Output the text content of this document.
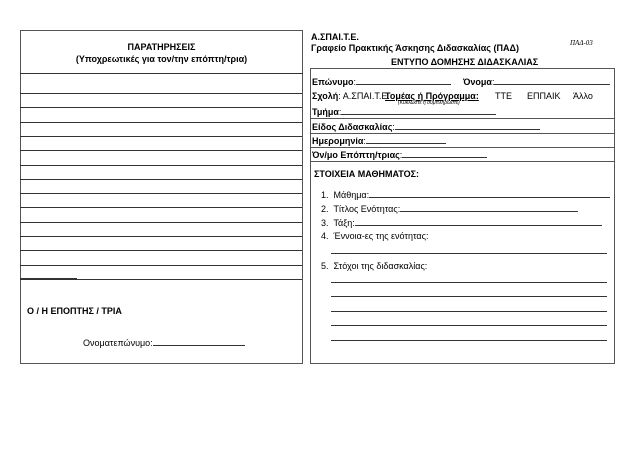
ΠΑΡΑΤΗΡΗΣΕΙΣ
(Υποχρεωτικές για τον/την επόπτη/τρια)
Ο / Η ΕΠΟΠΤΗΣ / ΤΡΙΑ
Ονοματεπώνυμο:
Α.ΣΠΑΙ.Τ.Ε.
Γραφείο Πρακτικής Άσκησης Διδασκαλίας (ΠΑΔ)	ΠΑΔ-03
ΕΝΤΥΠΟ ΔΟΜΗΣΗΣ ΔΙΔΑΣΚΑΛΙΑΣ
Επώνυμο:	Όνομα:
Σχολή: Α.ΣΠΑΙ.Τ.Ε.
Τομέας ή Πρόγραμμα:
(Κυκλώστε ή συμπληρώστε)
ΤΤΕ ΕΠΠΑΙΚ Άλλο
Τμήμα:
Είδος Διδασκαλίας:
Ημερομηνία:
Όν/μο Επόπτη/τριας:
ΣΤΟΙΧΕΙΑ ΜΑΘΗΜΑΤΟΣ:
1. Μάθημα:
2. Τίτλος Ενότητας:
3. Τάξη:
4. Έννοια-ες της ενότητας:
5. Στόχοι της διδασκαλίας:
